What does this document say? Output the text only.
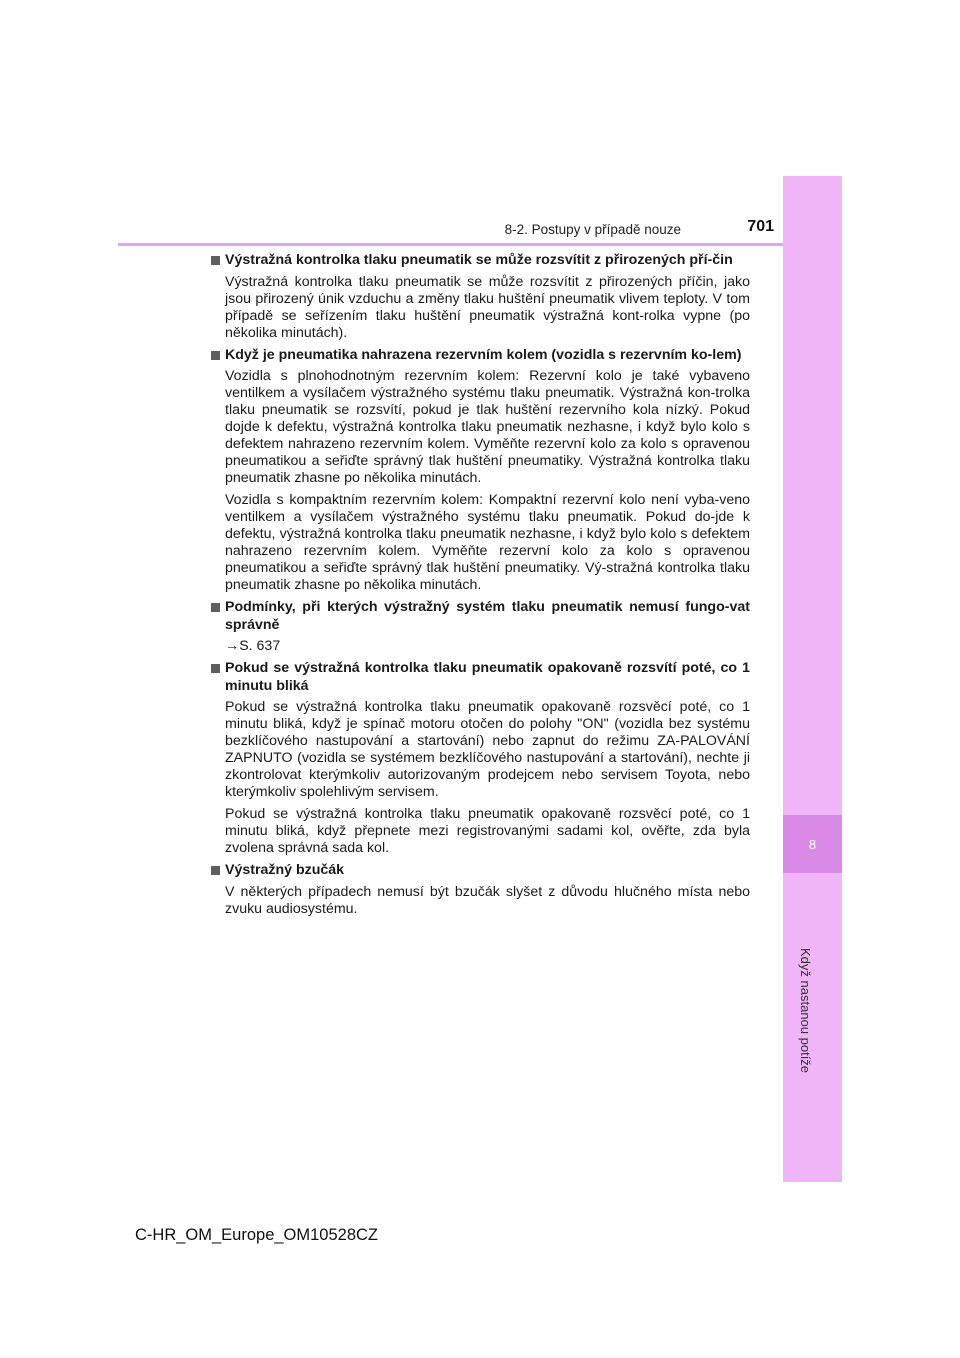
8
Když nastanou potíže
8-2. Postupy v případě nouze	701
Výstražná kontrolka tlaku pneumatik se může rozsvítit z přirozených pří-čin

Výstražná kontrolka tlaku pneumatik se může rozsvítit z přirozených příčin, jako jsou přirozený únik vzduchu a změny tlaku huštění pneumatik vlivem teploty. V tom případě se seřízením tlaku huštění pneumatik výstražná kont-rolka vypne (po několika minutách).

Když je pneumatika nahrazena rezervním kolem (vozidla s rezervním ko-lem)

Vozidla s plnohodnotným rezervním kolem: Rezervní kolo je také vybaveno ventilkem a vysílačem výstražného systému tlaku pneumatik. Výstražná kon-trolka tlaku pneumatik se rozsvítí, pokud je tlak huštění rezervního kola nízký. Pokud dojde k defektu, výstražná kontrolka tlaku pneumatik nezhasne, i když bylo kolo s defektem nahrazeno rezervním kolem. Vyměňte rezervní kolo za kolo s opravenou pneumatikou a seřiďte správný tlak huštění pneumatiky. Výstražná kontrolka tlaku pneumatik zhasne po několika minutách.

Vozidla s kompaktním rezervním kolem: Kompaktní rezervní kolo není vyba-veno ventilkem a vysílačem výstražného systému tlaku pneumatik. Pokud do-jde k defektu, výstražná kontrolka tlaku pneumatik nezhasne, i když bylo kolo s defektem nahrazeno rezervním kolem. Vyměňte rezervní kolo za kolo s opravenou pneumatikou a seřiďte správný tlak huštění pneumatiky. Vý-stražná kontrolka tlaku pneumatik zhasne po několika minutách.

Podmínky, při kterých výstražný systém tlaku pneumatik nemusí fungo-vat správně

→S. 637

Pokud se výstražná kontrolka tlaku pneumatik opakovaně rozsvítí poté, co 1 minutu bliká

Pokud se výstražná kontrolka tlaku pneumatik opakovaně rozsvěcí poté, co 1 minutu bliká, když je spínač motoru otočen do polohy "ON" (vozidla bez systému bezklíčového nastupování a startování) nebo zapnut do režimu ZA-PALOVÁNÍ ZAPNUTO (vozidla se systémem bezklíčového nastupování a startování), nechte ji zkontrolovat kterýmkoliv autorizovaným prodejcem nebo servisem Toyota, nebo kterýmkoliv spolehlivým servisem.

Pokud se výstražná kontrolka tlaku pneumatik opakovaně rozsvěcí poté, co 1 minutu bliká, když přepnete mezi registrovanými sadami kol, ověřte, zda byla zvolena správná sada kol.

Výstražný bzučák

V některých případech nemusí být bzučák slyšet z důvodu hlučného místa nebo zvuku audiosystému.

C-HR_OM_Europe_OM10528CZ
